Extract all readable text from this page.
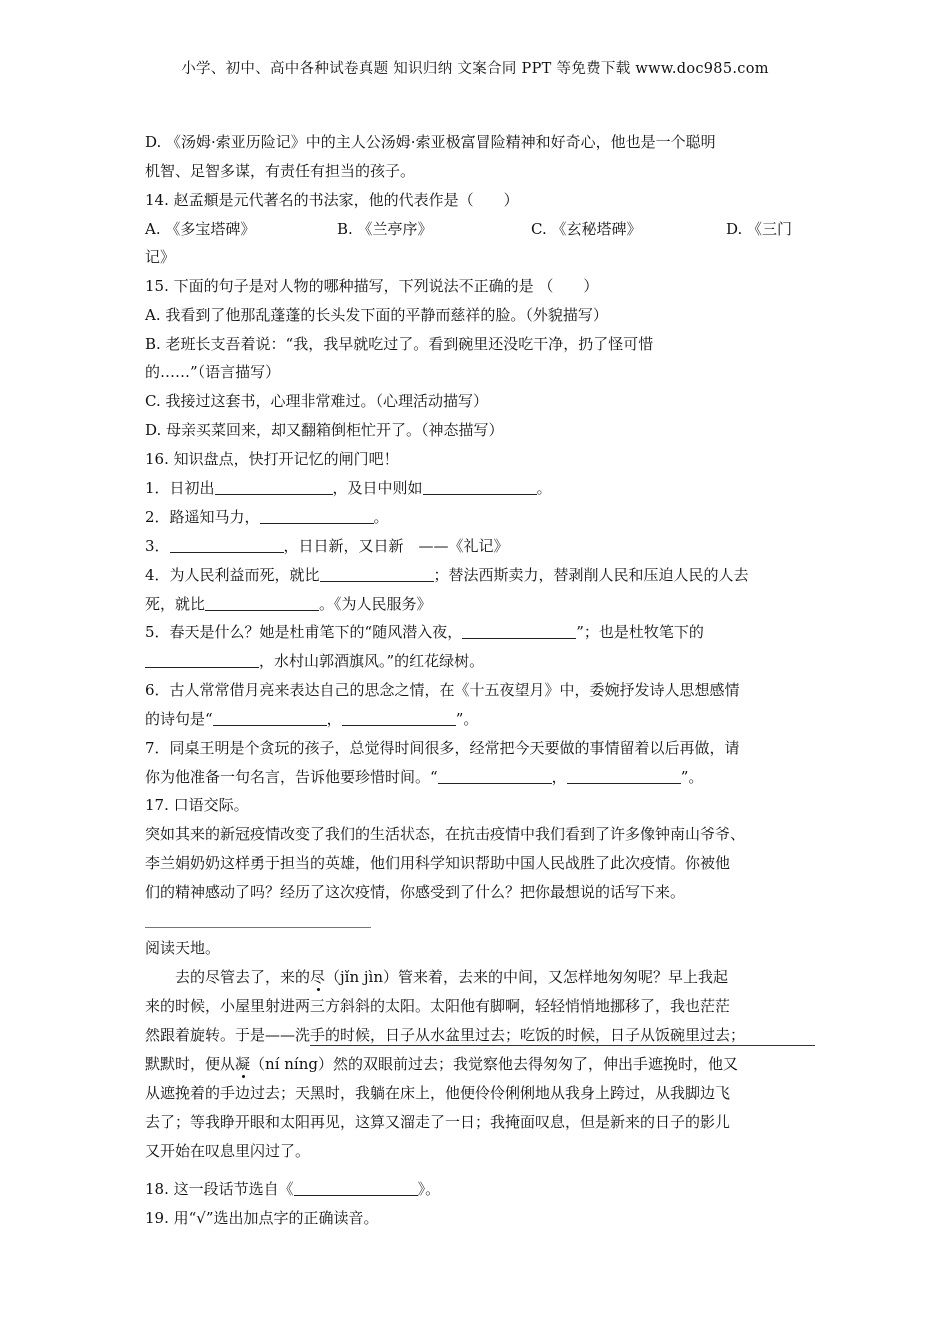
小学、初中、高中各种试卷真题 知识归纳 文案合同 PPT 等免费下载 www.doc985.com
D. 《汤姆·索亚历险记》中的主人公汤姆·索亚极富冒险精神和好奇心，他也是一个聪明
机智、足智多谋，有责任有担当的孩子。
14. 赵孟頫是元代著名的书法家，他的代表作是（　　）
A. 《多宝塔碑》	B. 《兰亭序》	C. 《玄秘塔碑》	D. 《三门
记》
15. 下面的句子是对人物的哪种描写，下列说法不正确的是 （　　）
A. 我看到了他那乱蓬蓬的长头发下面的平静而慈祥的脸。（外貌描写）
B. 老班长支吾着说：“我，我早就吃过了。看到碗里还没吃干净，扔了怪可惜
的……”（语言描写）
C. 我接过这套书，心理非常难过。（心理活动描写）
D. 母亲买菜回来，却又翻箱倒柜忙开了。（神态描写）
16. 知识盘点，快打开记忆的闸门吧！
1．日初出	，及日中则如	。
2．路遥知马力，	。
3．	，日日新，又日新　——《礼记》
4．为人民利益而死，就比	；替法西斯卖力，替剥削人民和压迫人民的人去
死，就比	。《为人民服务》
5．春天是什么？她是杜甫笔下的“随风潜入夜，	”；也是杜牧笔下的
，水村山郭酒旗风。”的红花绿树。
6．古人常常借月亮来表达自己的思念之情，在《十五夜望月》中，委婉抒发诗人思想感情
的诗句是“	，	”。
7．同桌王明是个贪玩的孩子，总觉得时间很多，经常把今天要做的事情留着以后再做，请
你为他准备一句名言，告诉他要珍惜时间。“	，	”。
17. 口语交际。
突如其来的新冠疫情改变了我们的生活状态，在抗击疫情中我们看到了许多像钟南山爷爷、
李兰娟奶奶这样勇于担当的英雄，他们用科学知识帮助中国人民战胜了此次疫情。你被他
们的精神感动了吗？经历了这次疫情，你感受到了什么？把你最想说的话写下来。
阅读天地。
去的尽管去了，来的尽（jǐn jìn）管来着，去来的中间，又怎样地匆匆呢？早上我起
来的时候，小屋里射进两三方斜斜的太阳。太阳他有脚啊，轻轻悄悄地挪移了，我也茫茫
然跟着旋转。于是——洗手的时候，日子从水盆里过去；吃饭的时候，日子从饭碗里过去；
默默时，便从凝（ní níng）然的双眼前过去；我觉察他去得匆匆了，伸出手遮挽时，他又
从遮挽着的手边过去；天黑时，我躺在床上，他便伶伶俐俐地从我身上跨过，从我脚边飞
去了；等我睁开眼和太阳再见，这算又溜走了一日；我掩面叹息，但是新来的日子的影儿
又开始在叹息里闪过了。
18. 这一段话节选自《	》。
19. 用“√”选出加点字的正确读音。
